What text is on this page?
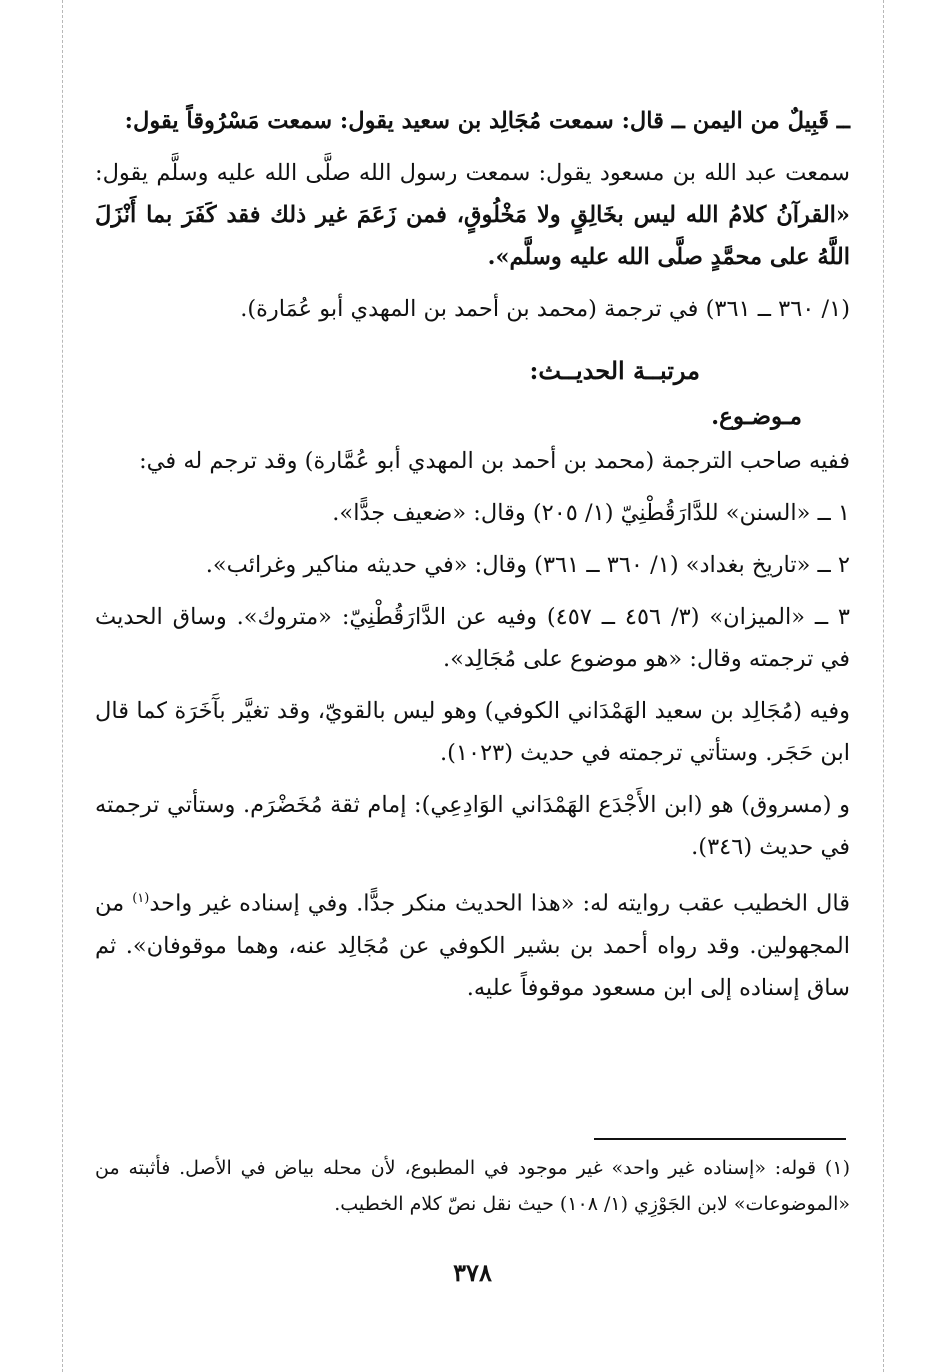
ــ قَبِيلٌ من اليمن ــ قال: سمعت مُجَالِد بن سعيد يقول: سمعت مَسْرُوقاً يقول:

سمعت عبد الله بن مسعود يقول: سمعت رسول الله صلَّى الله عليه وسلَّم يقول: «القرآنُ كلامُ الله ليس بخَالِقٍ ولا مَخْلُوقٍ، فمن زَعَمَ غير ذلك فقد كَفَرَ بما أَنْزَلَ اللَّهُ على محمَّدٍ صلَّى الله عليه وسلَّم».

(١/ ٣٦٠ ــ ٣٦١) في ترجمة (محمد بن أحمد بن المهدي أبو عُمَارة).
مرتبــة الحديــث:
مـوضـوع.

ففيه صاحب الترجمة (محمد بن أحمد بن المهدي أبو عُمَّارة) وقد ترجم له في:

١ ــ «السنن» للدَّارَقُطْنِيّ (١/ ٢٠٥) وقال: «ضعيف جدًّا».
٢ ــ «تاريخ بغداد» (١/ ٣٦٠ ــ ٣٦١) وقال: «في حديثه مناكير وغرائب».

٣ ــ «الميزان» (٣/ ٤٥٦ ــ ٤٥٧) وفيه عن الدَّارَقُطْنِيّ: «متروك». وساق الحديث في ترجمته وقال: «هو موضوع على مُجَالِد».

وفيه (مُجَالِد بن سعيد الهَمْدَاني الكوفي) وهو ليس بالقويّ، وقد تغيَّر بآَخَرَة كما قال ابن حَجَر. وستأتي ترجمته في حديث (١٠٢٣).

و (مسروق) هو (ابن الأَجْدَع الهَمْدَاني الوَادِعِي): إمام ثقة مُخَضْرَم. وستأتي ترجمته في حديث (٣٤٦).

قال الخطيب عقب روايته له: «هذا الحديث منكر جدًّا. وفي إسناده غير واحد$^{(١)}$ من المجهولين. وقد رواه أحمد بن بشير الكوفي عن مُجَالِد عنه، وهما موقوفان». ثم ساق إسناده إلى ابن مسعود موقوفاً عليه.

(١) قوله: «إسناده غير واحد» غير موجود في المطبوع، لأن محله بياض في الأصل. فأثبته من «الموضوعات» لابن الجَوْزِي (١/ ١٠٨) حيث نقل نصّ كلام الخطيب.
٣٧٨
